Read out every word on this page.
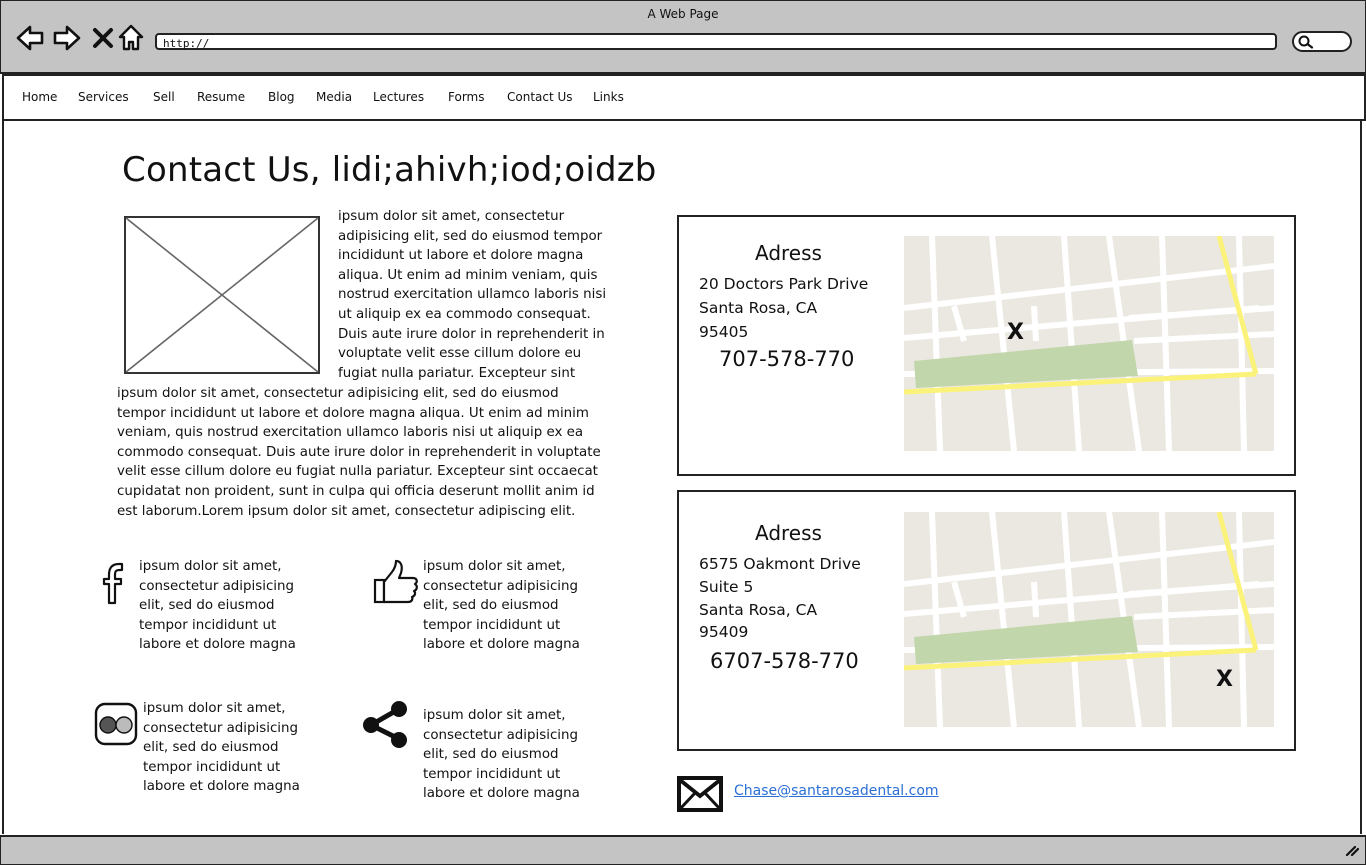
A Web Page
http://
Home Services Sell Resume Blog Media Lectures Forms Contact Us Links
Contact Us, lidi;ahivh;iod;oidzb
ipsum dolor sit amet, consectetur
adipisicing elit, sed do eiusmod tempor
incididunt ut labore et dolore magna
aliqua. Ut enim ad minim veniam, quis
nostrud exercitation ullamco laboris nisi
ut aliquip ex ea commodo consequat.
Duis aute irure dolor in reprehenderit in
voluptate velit esse cillum dolore eu
fugiat nulla pariatur. Excepteur sint
ipsum dolor sit amet, consectetur adipisicing elit, sed do eiusmod
tempor incididunt ut labore et dolore magna aliqua. Ut enim ad minim
veniam, quis nostrud exercitation ullamco laboris nisi ut aliquip ex ea
commodo consequat. Duis aute irure dolor in reprehenderit in voluptate
velit esse cillum dolore eu fugiat nulla pariatur. Excepteur sint occaecat
cupidatat non proident, sunt in culpa qui officia deserunt mollit anim id
est laborum.Lorem ipsum dolor sit amet, consectetur adipiscing elit.
ipsum dolor sit amet,
consectetur adipisicing
elit, sed do eiusmod
tempor incididunt ut
labore et dolore magna
ipsum dolor sit amet,
consectetur adipisicing
elit, sed do eiusmod
tempor incididunt ut
labore et dolore magna
ipsum dolor sit amet,
consectetur adipisicing
elit, sed do eiusmod
tempor incididunt ut
labore et dolore magna
ipsum dolor sit amet,
consectetur adipisicing
elit, sed do eiusmod
tempor incididunt ut
labore et dolore magna
Adress
20 Doctors Park Drive
Santa Rosa, CA
95405
707-578-770
X
Adress
6575 Oakmont Drive
Suite 5
Santa Rosa, CA
95409
6707-578-770
X
Chase@santarosadental.com
